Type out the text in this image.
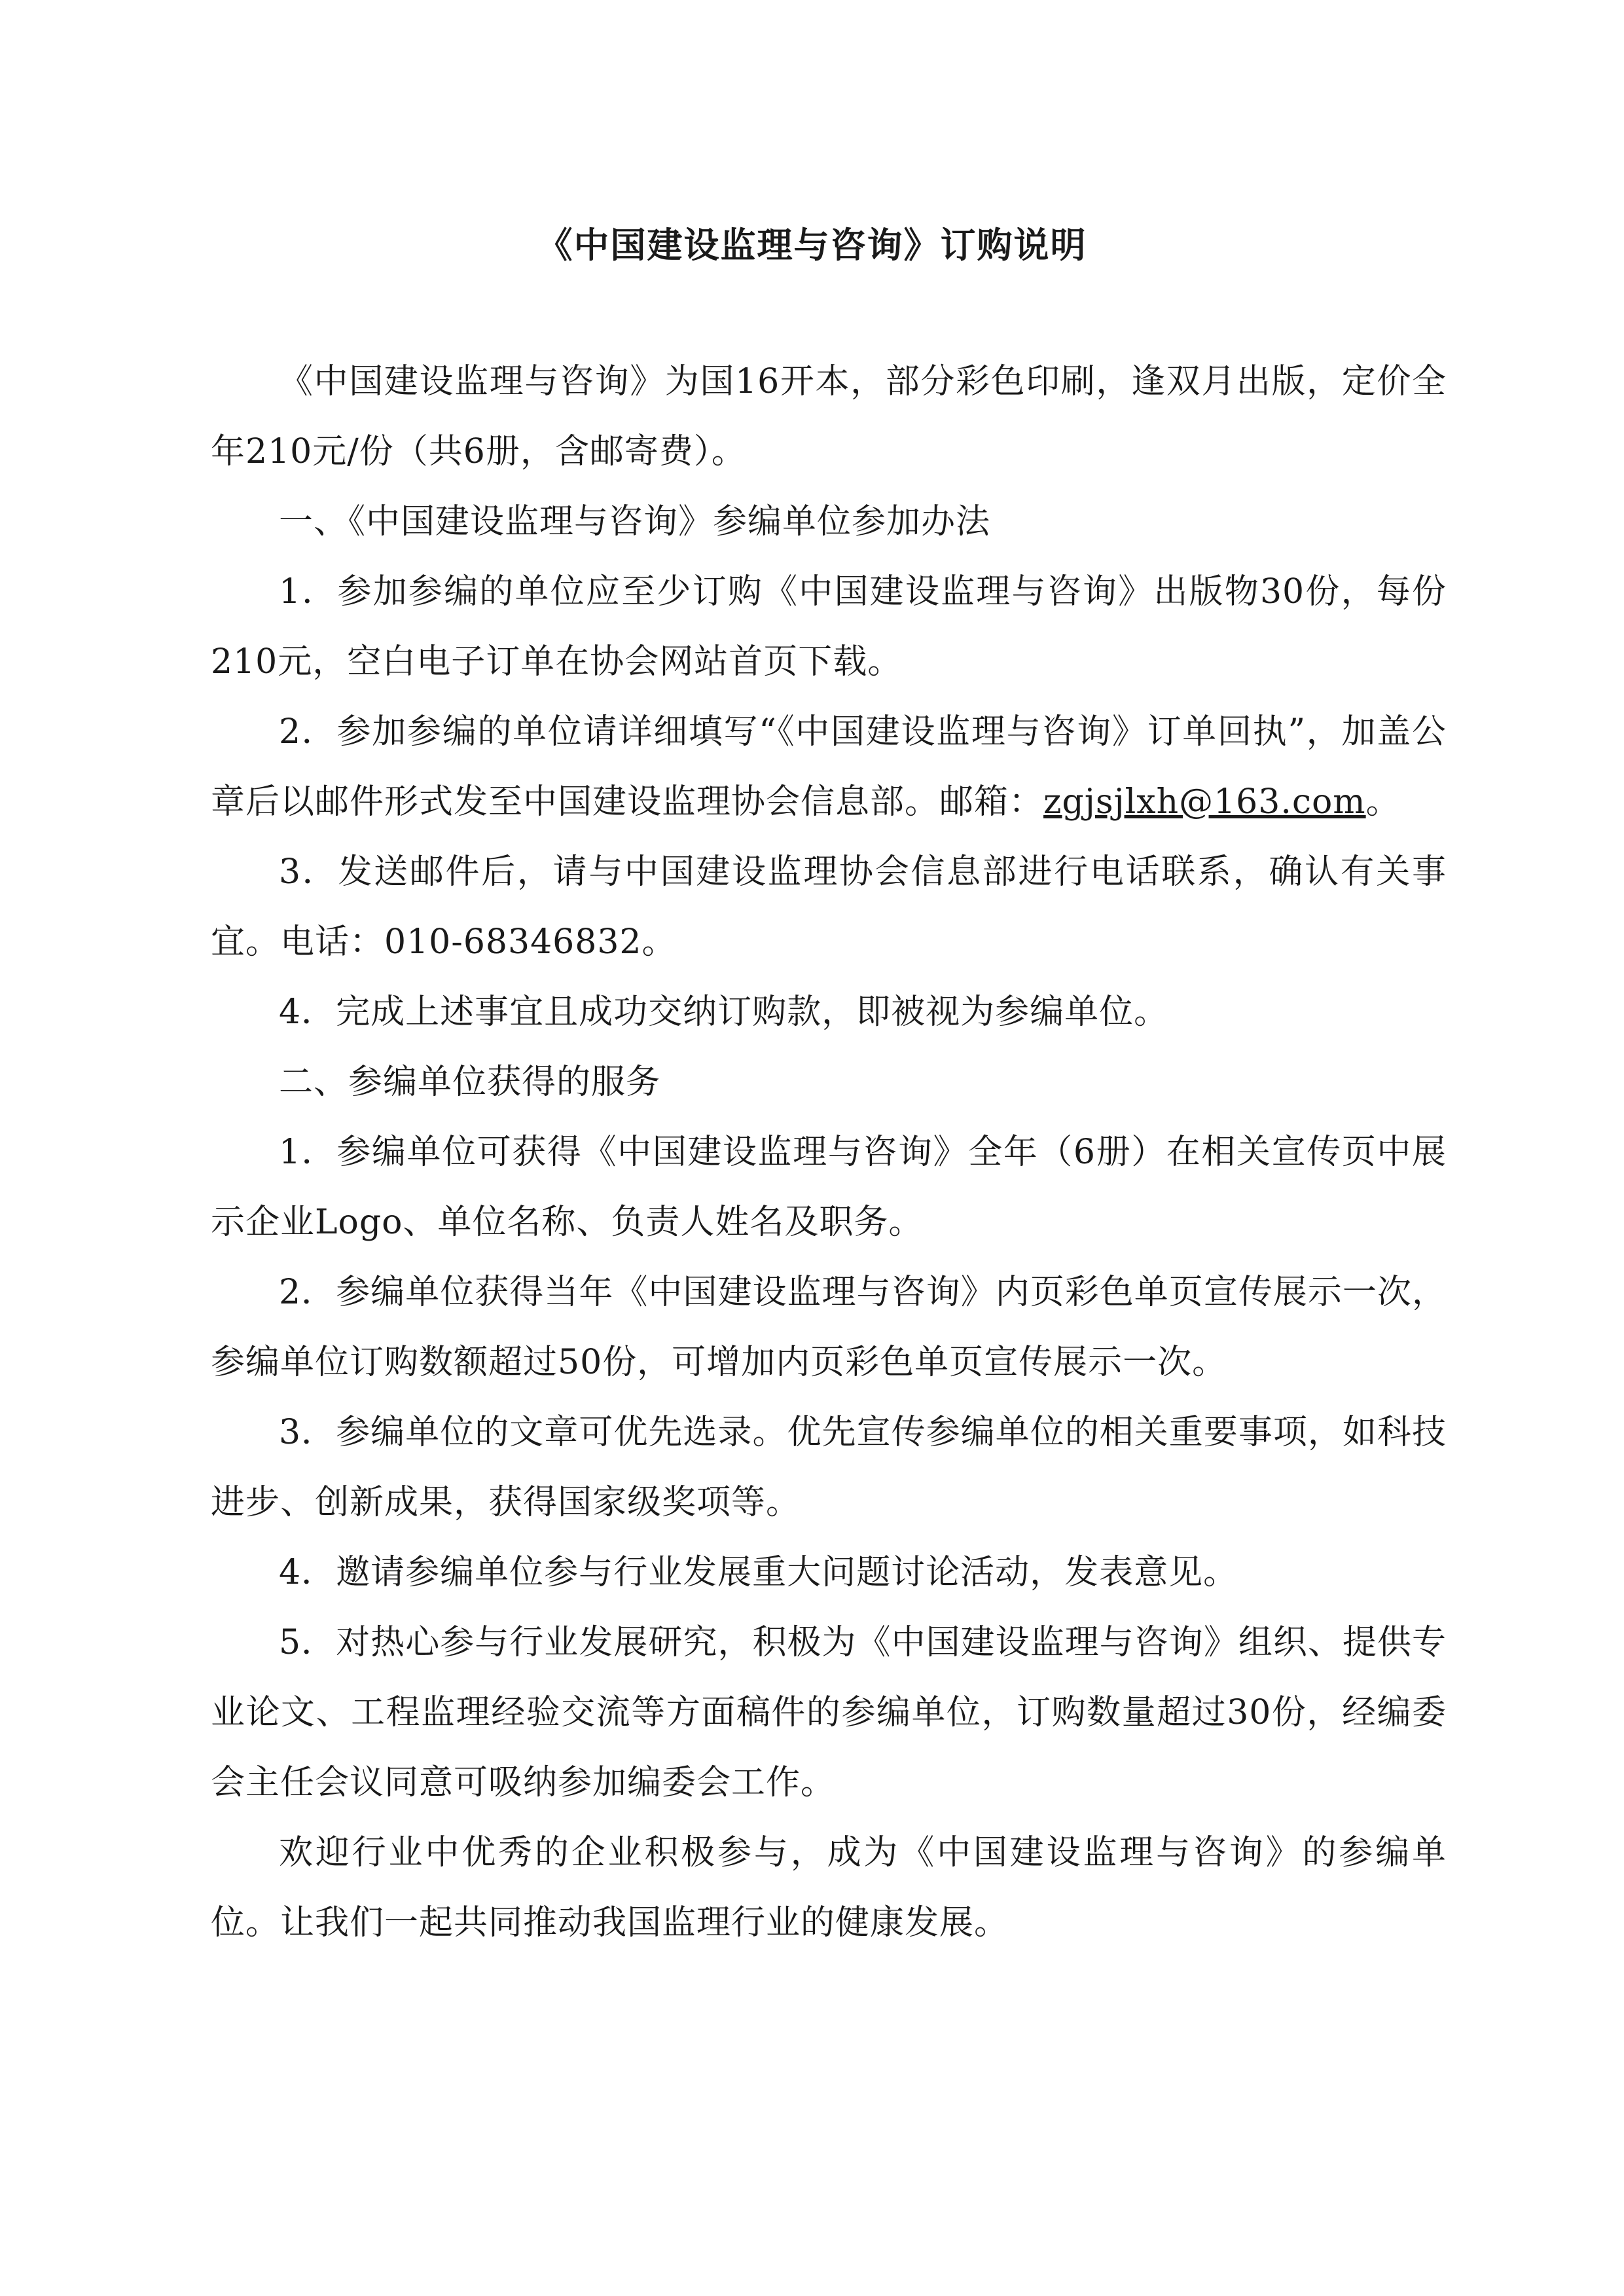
《中国建设监理与咨询》订购说明

《中国建设监理与咨询》为国16开本，部分彩色印刷，逢双月出版，定价全年210元/份（共6册，含邮寄费）。

一、《中国建设监理与咨询》参编单位参加办法

1．参加参编的单位应至少订购《中国建设监理与咨询》出版物30份，每份210元，空白电子订单在协会网站首页下载。

2．参加参编的单位请详细填写“《中国建设监理与咨询》订单回执”，加盖公章后以邮件形式发至中国建设监理协会信息部。邮箱：zgjsjlxh@163.com。

3．发送邮件后，请与中国建设监理协会信息部进行电话联系，确认有关事宜。电话：010-68346832。

4．完成上述事宜且成功交纳订购款，即被视为参编单位。

二、参编单位获得的服务

1．参编单位可获得《中国建设监理与咨询》全年（6册）在相关宣传页中展示企业Logo、单位名称、负责人姓名及职务。

2．参编单位获得当年《中国建设监理与咨询》内页彩色单页宣传展示一次，参编单位订购数额超过50份，可增加内页彩色单页宣传展示一次。

3．参编单位的文章可优先选录。优先宣传参编单位的相关重要事项，如科技进步、创新成果，获得国家级奖项等。

4．邀请参编单位参与行业发展重大问题讨论活动，发表意见。

5．对热心参与行业发展研究，积极为《中国建设监理与咨询》组织、提供专业论文、工程监理经验交流等方面稿件的参编单位，订购数量超过30份，经编委会主任会议同意可吸纳参加编委会工作。

欢迎行业中优秀的企业积极参与，成为《中国建设监理与咨询》的参编单位。让我们一起共同推动我国监理行业的健康发展。
